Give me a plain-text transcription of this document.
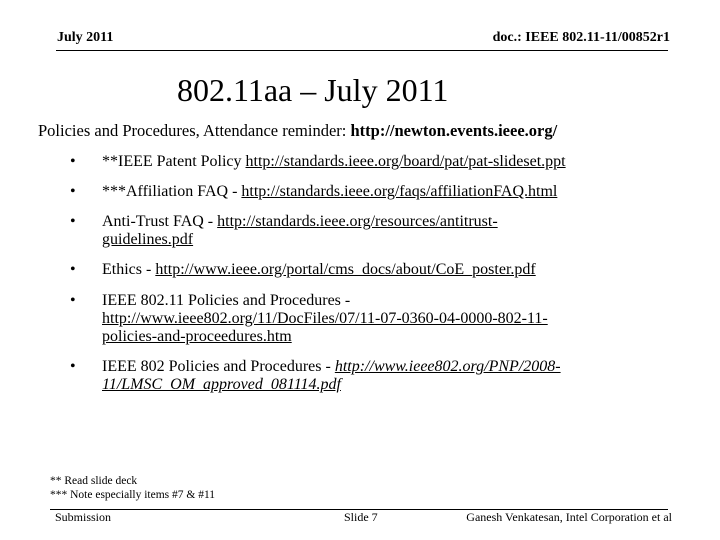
July 2011	doc.: IEEE 802.11-11/00852r1
802.11aa – July 2011
Policies and Procedures, Attendance reminder: http://newton.events.ieee.org/
• **IEEE Patent Policy http://standards.ieee.org/board/pat/pat-slideset.ppt
• ***Affiliation FAQ - http://standards.ieee.org/faqs/affiliationFAQ.html
• Anti-Trust FAQ - http://standards.ieee.org/resources/antitrust-
guidelines.pdf
• Ethics - http://www.ieee.org/portal/cms_docs/about/CoE_poster.pdf
• IEEE 802.11 Policies and Procedures -
http://www.ieee802.org/11/DocFiles/07/11-07-0360-04-0000-802-11-
policies-and-proceedures.htm
• IEEE 802 Policies and Procedures - http://www.ieee802.org/PNP/2008-
11/LMSC_OM_approved_081114.pdf
** Read slide deck
*** Note especially items #7 & #11
Submission	Slide 7	Ganesh Venkatesan, Intel Corporation et al
